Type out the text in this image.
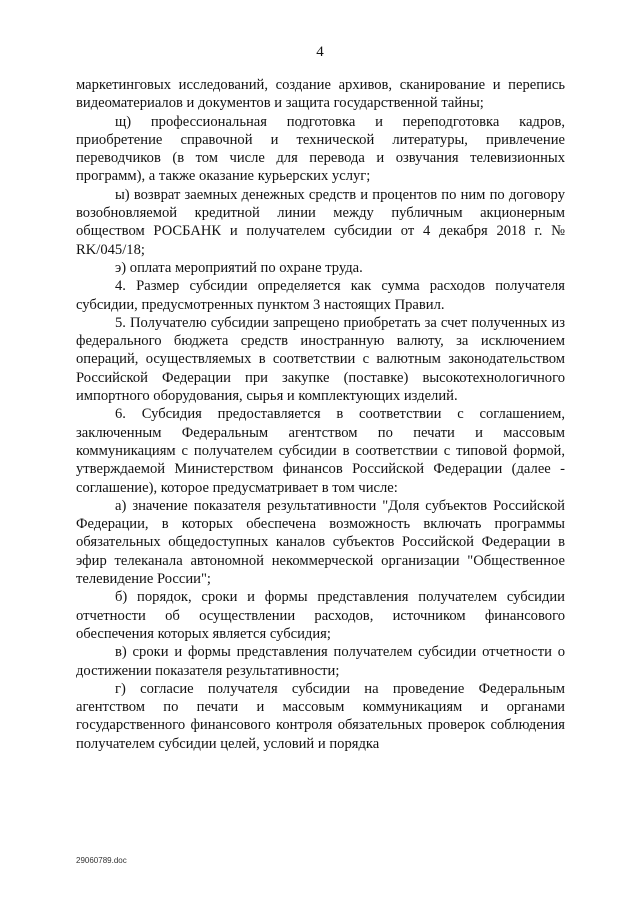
4

маркетинговых исследований, создание архивов, сканирование и перепись видеоматериалов и документов и защита государственной тайны;

щ) профессиональная подготовка и переподготовка кадров, приобретение справочной и технической литературы, привлечение переводчиков (в том числе для перевода и озвучания телевизионных программ), а также оказание курьерских услуг;

ы) возврат заемных денежных средств и процентов по ним по договору возобновляемой кредитной линии между публичным акционерным обществом РОСБАНК и получателем субсидии от 4 декабря 2018 г. № RK/045/18;

э) оплата мероприятий по охране труда.

4. Размер субсидии определяется как сумма расходов получателя субсидии, предусмотренных пунктом 3 настоящих Правил.

5. Получателю субсидии запрещено приобретать за счет полученных из федерального бюджета средств иностранную валюту, за исключением операций, осуществляемых в соответствии с валютным законодательством Российской Федерации при закупке (поставке) высокотехнологичного импортного оборудования, сырья и комплектующих изделий.

6. Субсидия предоставляется в соответствии с соглашением, заключенным Федеральным агентством по печати и массовым коммуникациям с получателем субсидии в соответствии с типовой формой, утверждаемой Министерством финансов Российской Федерации (далее - соглашение), которое предусматривает в том числе:

а) значение показателя результативности "Доля субъектов Российской Федерации, в которых обеспечена возможность включать программы обязательных общедоступных каналов субъектов Российской Федерации в эфир телеканала автономной некоммерческой организации "Общественное телевидение России";

б) порядок, сроки и формы представления получателем субсидии отчетности об осуществлении расходов, источником финансового обеспечения которых является субсидия;

в) сроки и формы представления получателем субсидии отчетности о достижении показателя результативности;

г) согласие получателя субсидии на проведение Федеральным агентством по печати и массовым коммуникациям и органами государственного финансового контроля обязательных проверок соблюдения получателем субсидии целей, условий и порядка

29060789.doc
